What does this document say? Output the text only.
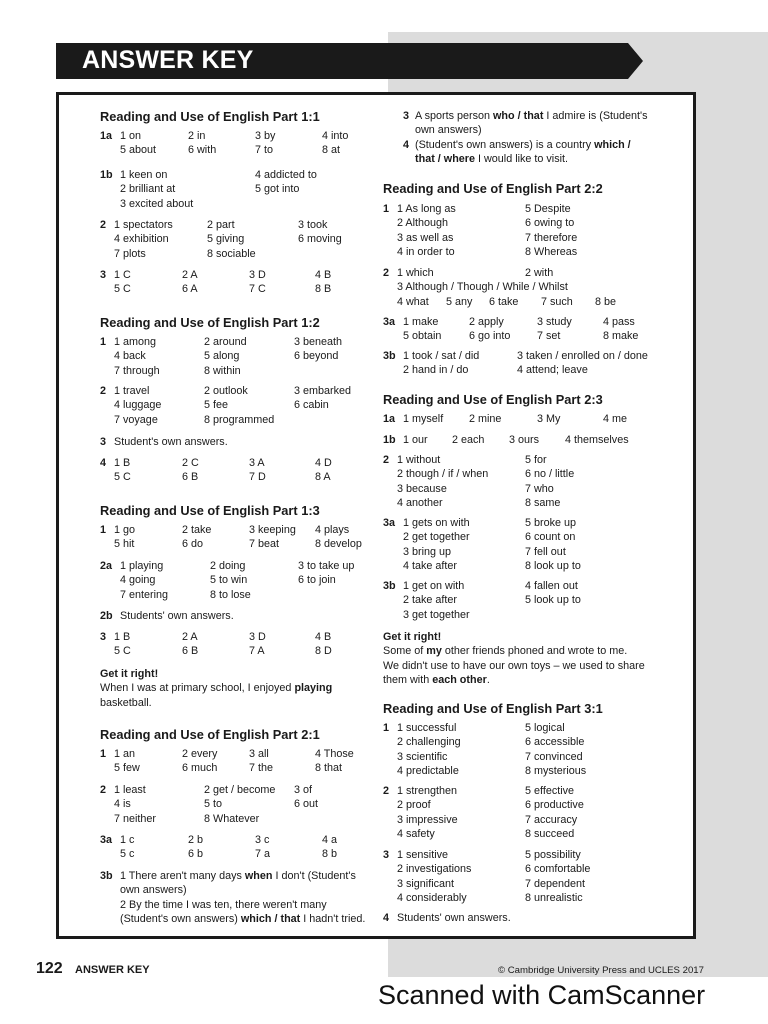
ANSWER KEY
Reading and Use of English Part 1:1
1a 1 on	2 in	3 by	4 into
5 about	6 with	7 to	8 at
1b 1 keen on	4 addicted to
2 brilliant at	5 got into
3 excited about
2 1 spectators	2 part	3 took
4 exhibition	5 giving	6 moving
7 plots	8 sociable
3 1 C	2 A	3 D	4 B
5 C	6 A	7 C	8 B
Reading and Use of English Part 1:2
1 1 among	2 around	3 beneath
4 back	5 along	6 beyond
7 through	8 within
2 1 travel	2 outlook	3 embarked
4 luggage	5 fee	6 cabin
7 voyage	8 programmed
3 Student's own answers.
4 1 B	2 C	3 A	4 D
5 C	6 B	7 D	8 A
Reading and Use of English Part 1:3
1 1 go	2 take	3 keeping 4 plays
5 hit	6 do	7 beat	8 develop
2a 1 playing	2 doing	3 to take up
4 going	5 to win	6 to join
7 entering	8 to lose
2b Students' own answers.
3 1 B	2 A	3 D	4 B
5 C	6 B	7 A	8 D
Get it right!
When I was at primary school, I enjoyed playing basketball.
Reading and Use of English Part 2:1
1 1 an	2 every	3 all	4 Those
5 few	6 much	7 the	8 that
2 1 least	2 get / become 3 of
4 is	5 to	6 out
7 neither	8 Whatever
3a 1 c	2 b	3 c	4 a
5 c	6 b	7 a	8 b
3b 1 There aren't many days when I don't (Student's own answers)
2 By the time I was ten, there weren't many (Student's own answers) which / that I hadn't tried.
3 A sports person who / that I admire is (Student's own answers)
4 (Student's own answers) is a country which / that / where I would like to visit.
Reading and Use of English Part 2:2
1 1 As long as	5 Despite
2 Although	6 owing to
3 as well as	7 therefore
4 in order to	8 Whereas
2 1 which	2 with
3 Although / Though / While / Whilst
4 what 5 any 6 take 7 such 8 be
3a 1 make	2 apply	3 study	4 pass
5 obtain	6 go into 7 set	8 make
3b 1 took / sat / did	3 taken / enrolled on / done
2 hand in / do	4 attend; leave
Reading and Use of English Part 2:3
1a 1 myself 2 mine	3 My	4 me
1b 1 our 2 each 3 ours 4 themselves
2 1 without	5 for
2 though / if / when	6 no / little
3 because	7 who
4 another	8 same
3a 1 gets on with	5 broke up
2 get together	6 count on
3 bring up	7 fell out
4 take after	8 look up to
3b 1 get on with	4 fallen out
2 take after	5 look up to
3 get together
Get it right!
Some of my other friends phoned and wrote to me.
We didn't use to have our own toys – we used to share
them with each other.
Reading and Use of English Part 3:1
1 1 successful	5 logical
2 challenging	6 accessible
3 scientific	7 convinced
4 predictable	8 mysterious
2 1 strengthen	5 effective
2 proof	6 productive
3 impressive	7 accuracy
4 safety	8 succeed
3 1 sensitive	5 possibility
2 investigations	6 comfortable
3 significant	7 dependent
4 considerably	8 unrealistic
4 Students' own answers.
122 ANSWER KEY	© Cambridge University Press and UCLES 2017
Scanned with CamScanner
